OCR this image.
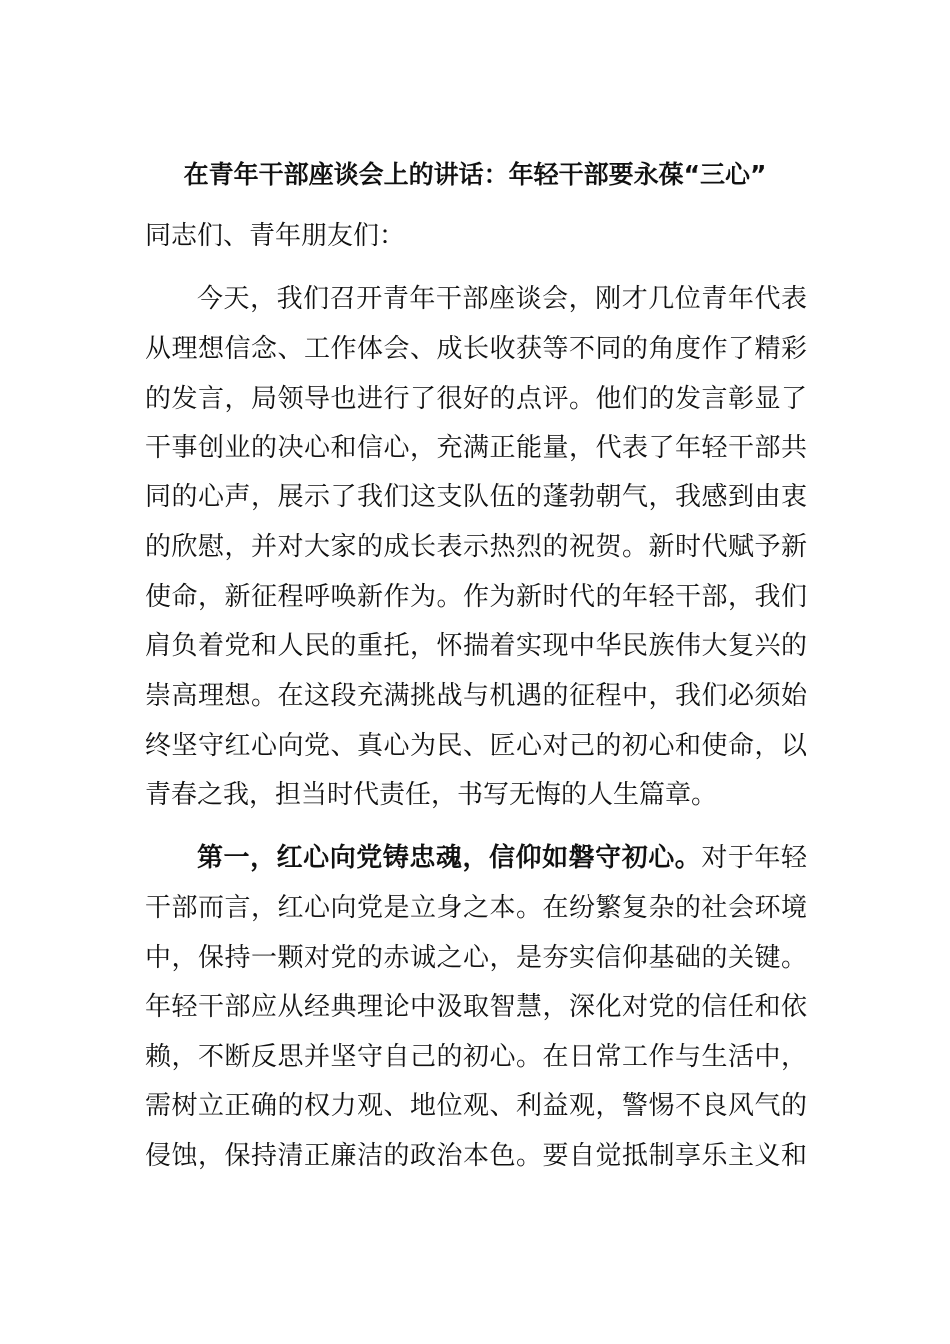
在青年干部座谈会上的讲话：年轻干部要永葆“三心”
同志们、青年朋友们：
今天，我们召开青年干部座谈会，刚才几位青年代表
从理想信念、工作体会、成长收获等不同的角度作了精彩
的发言，局领导也进行了很好的点评。他们的发言彰显了
干事创业的决心和信心，充满正能量，代表了年轻干部共
同的心声，展示了我们这支队伍的蓬勃朝气，我感到由衷
的欣慰，并对大家的成长表示热烈的祝贺。新时代赋予新
使命，新征程呼唤新作为。作为新时代的年轻干部，我们
肩负着党和人民的重托，怀揣着实现中华民族伟大复兴的
崇高理想。在这段充满挑战与机遇的征程中，我们必须始
终坚守红心向党、真心为民、匠心对己的初心和使命，以
青春之我，担当时代责任，书写无悔的人生篇章。
第一，红心向党铸忠魂，信仰如磐守初心。对于年轻
干部而言，红心向党是立身之本。在纷繁复杂的社会环境
中，保持一颗对党的赤诚之心，是夯实信仰基础的关键。
年轻干部应从经典理论中汲取智慧，深化对党的信任和依
赖，不断反思并坚守自己的初心。在日常工作与生活中，
需树立正确的权力观、地位观、利益观，警惕不良风气的
侵蚀，保持清正廉洁的政治本色。要自觉抵制享乐主义和
